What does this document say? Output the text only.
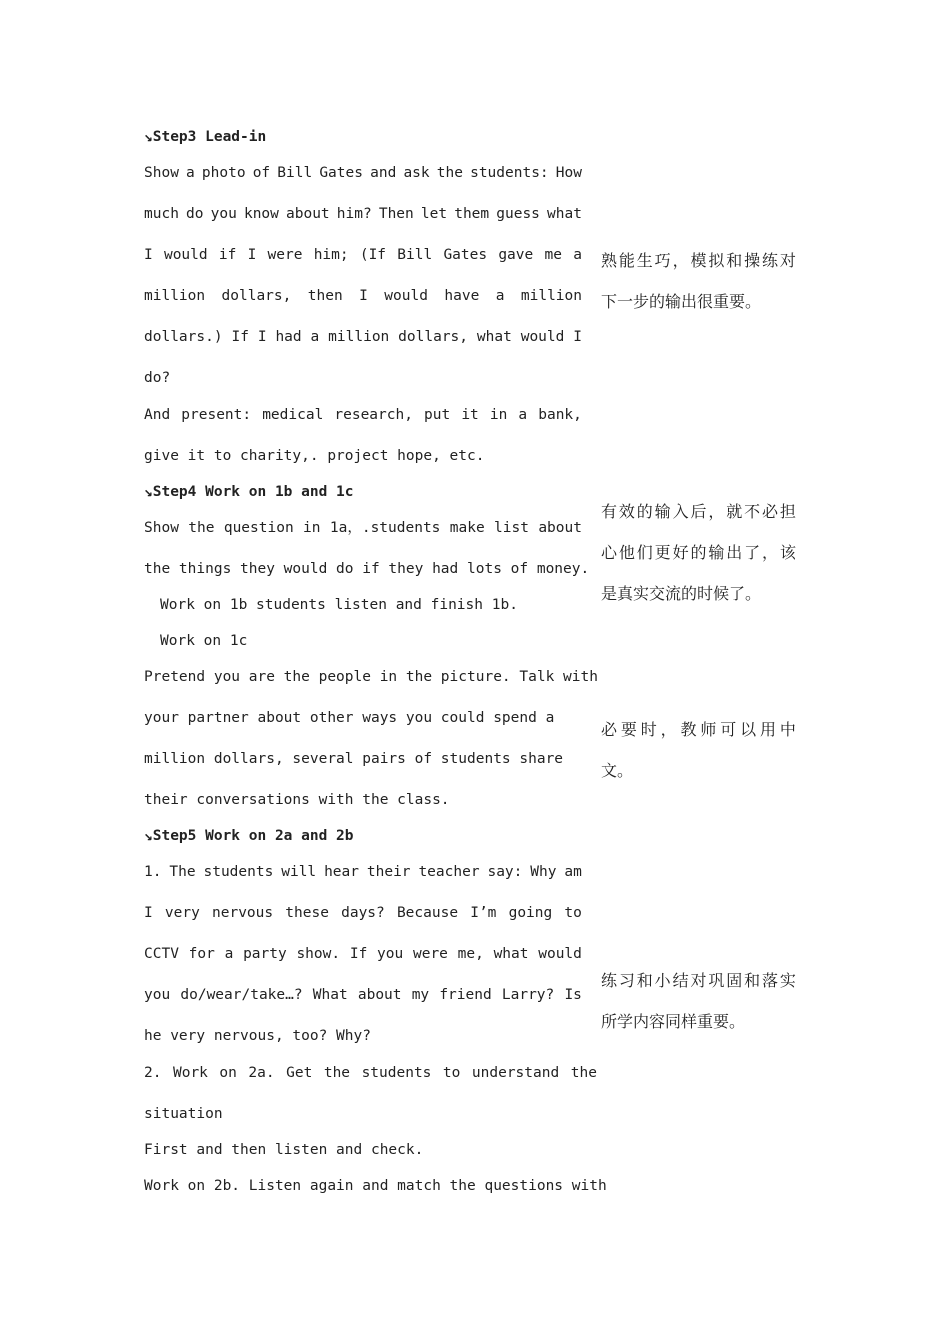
↘Step3 Lead-in
Show a photo of Bill Gates and ask the students: How
much do you know about him? Then let them guess what
I would if I were him; (If Bill Gates gave me a
million dollars, then I would have a million
dollars.) If I had a million dollars, what would I
do?
And present: medical research, put it in a bank,
give it to charity,. project hope, etc.
↘Step4 Work on 1b and 1c
Show the question in 1a，.students make list about
the things they would do if they had lots of money.
Work on 1b students listen and finish 1b.
Work on 1c
Pretend you are the people in the picture. Talk with
your partner about other ways you could spend a
million dollars, several pairs of students share
their conversations with the class.
↘Step5 Work on 2a and 2b
1. The students will hear their teacher say: Why am
I very nervous these days? Because I’m going to
CCTV for a party show. If you were me, what would
you do/wear/take…? What about my friend Larry? Is
he very nervous, too? Why?
2. Work on 2a. Get the students to understand the
situation
First and then listen and check.
Work on 2b. Listen again and match the questions with
熟 能 生 巧 ， 模 拟 和 操 练 对
下一步的输出很重要。
有 效 的 输 入 后 ， 就 不 必 担
心 他 们 更 好 的 输 出 了 ， 该
是真实交流的时候了。
必 要 时 ， 教 师 可 以 用 中
文。
练 习 和 小 结 对 巩 固 和 落 实
所学内容同样重要。
